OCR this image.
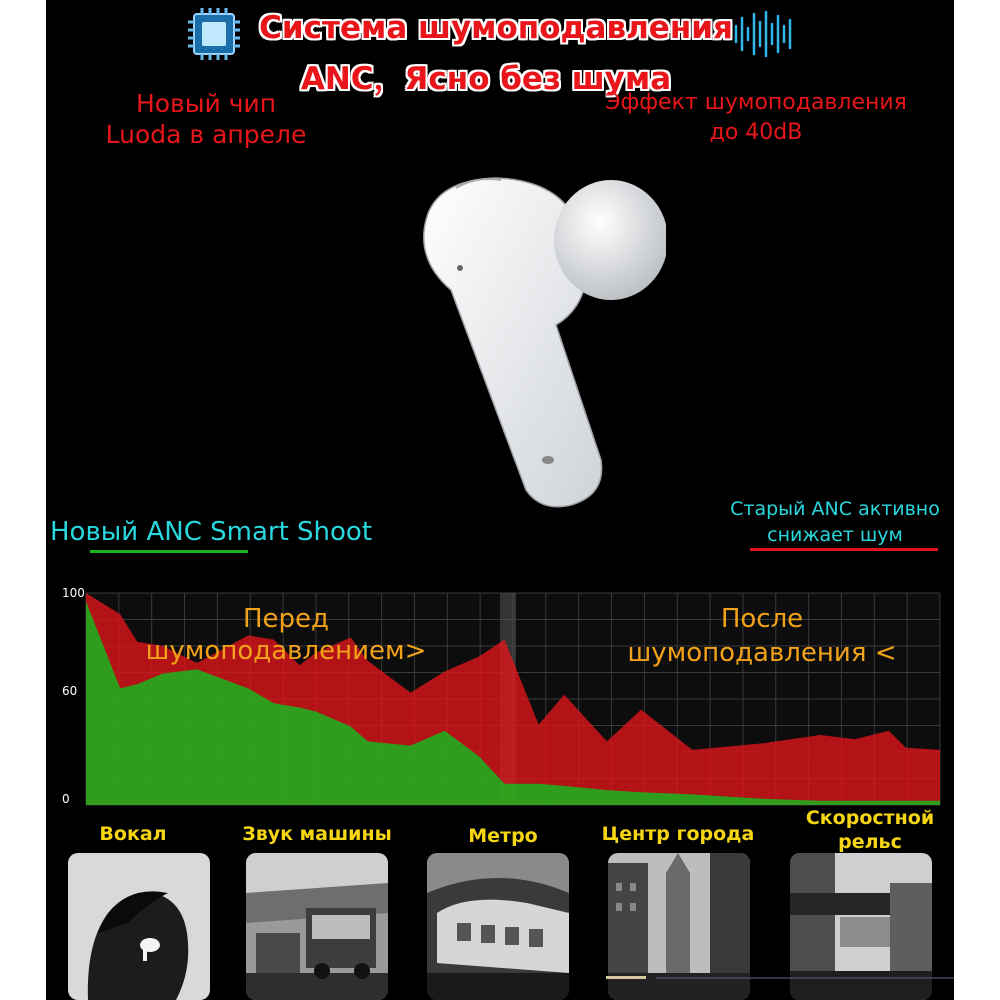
Система шумоподавления
ANC，Ясно без шума
Новый чип
Luoda в апреле
Эффект шумоподавления
до 40dB
Новый ANC Smart Shoot
Старый ANC активно
снижает шум
100
60
0
Перед
шумоподавлением>
После
шумоподавления <
Вокал	Звук машины	Метро	Центр города
Скоростной рельс
